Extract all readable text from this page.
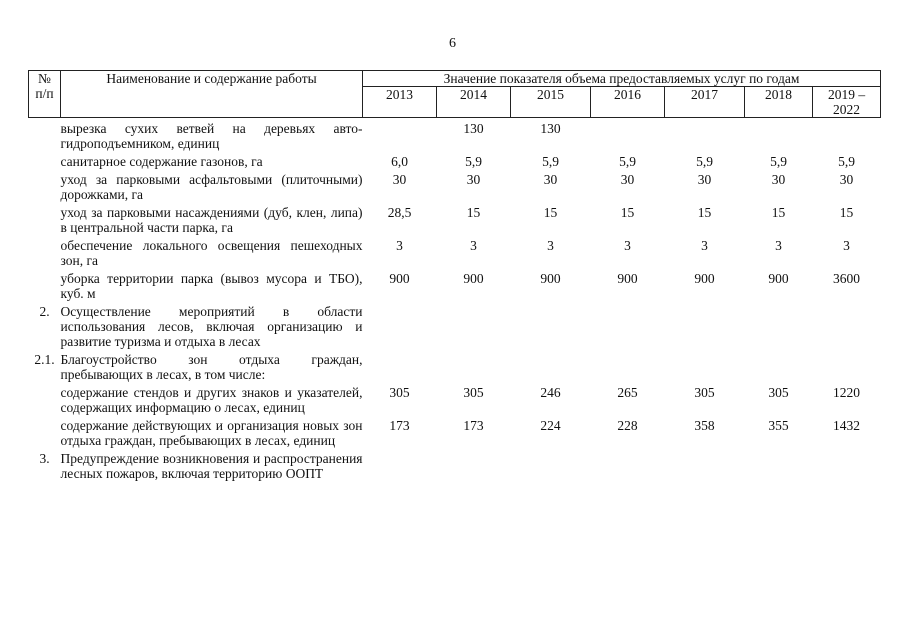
6
№ п/п	Наименование и содержание работы	Значение показателя объема предоставляемых услуг по годам						
		2013	2014	2015	2016	2017	2018	2019 – 2022
	вырезка сухих ветвей на деревьях авто-гидроподъемником, единиц		130	130				
	санитарное содержание газонов, га	6,0	5,9	5,9	5,9	5,9	5,9	5,9
	уход за парковыми асфальтовыми (плиточными) дорожками, га	30	30	30	30	30	30	30
	уход за парковыми насаждениями (дуб, клен, липа) в центральной части парка, га	28,5	15	15	15	15	15	15
	обеспечение локального освещения пешеходных зон, га	3	3	3	3	3	3	3
	уборка территории парка (вывоз мусора и ТБО), куб. м	900	900	900	900	900	900	3600
2.	Осуществление мероприятий в области использования лесов, включая организацию и развитие туризма и отдыха в лесах							
2.1.	Благоустройство зон отдыха граждан, пребывающих в лесах, в том числе:							
	содержание стендов и других знаков и указателей, содержащих информацию о лесах, единиц	305	305	246	265	305	305	1220
	содержание действующих и организация новых зон отдыха граждан, пребывающих в лесах, единиц	173	173	224	228	358	355	1432
3.	Предупреждение возникновения и распространения лесных пожаров, включая территорию ООПТ							
